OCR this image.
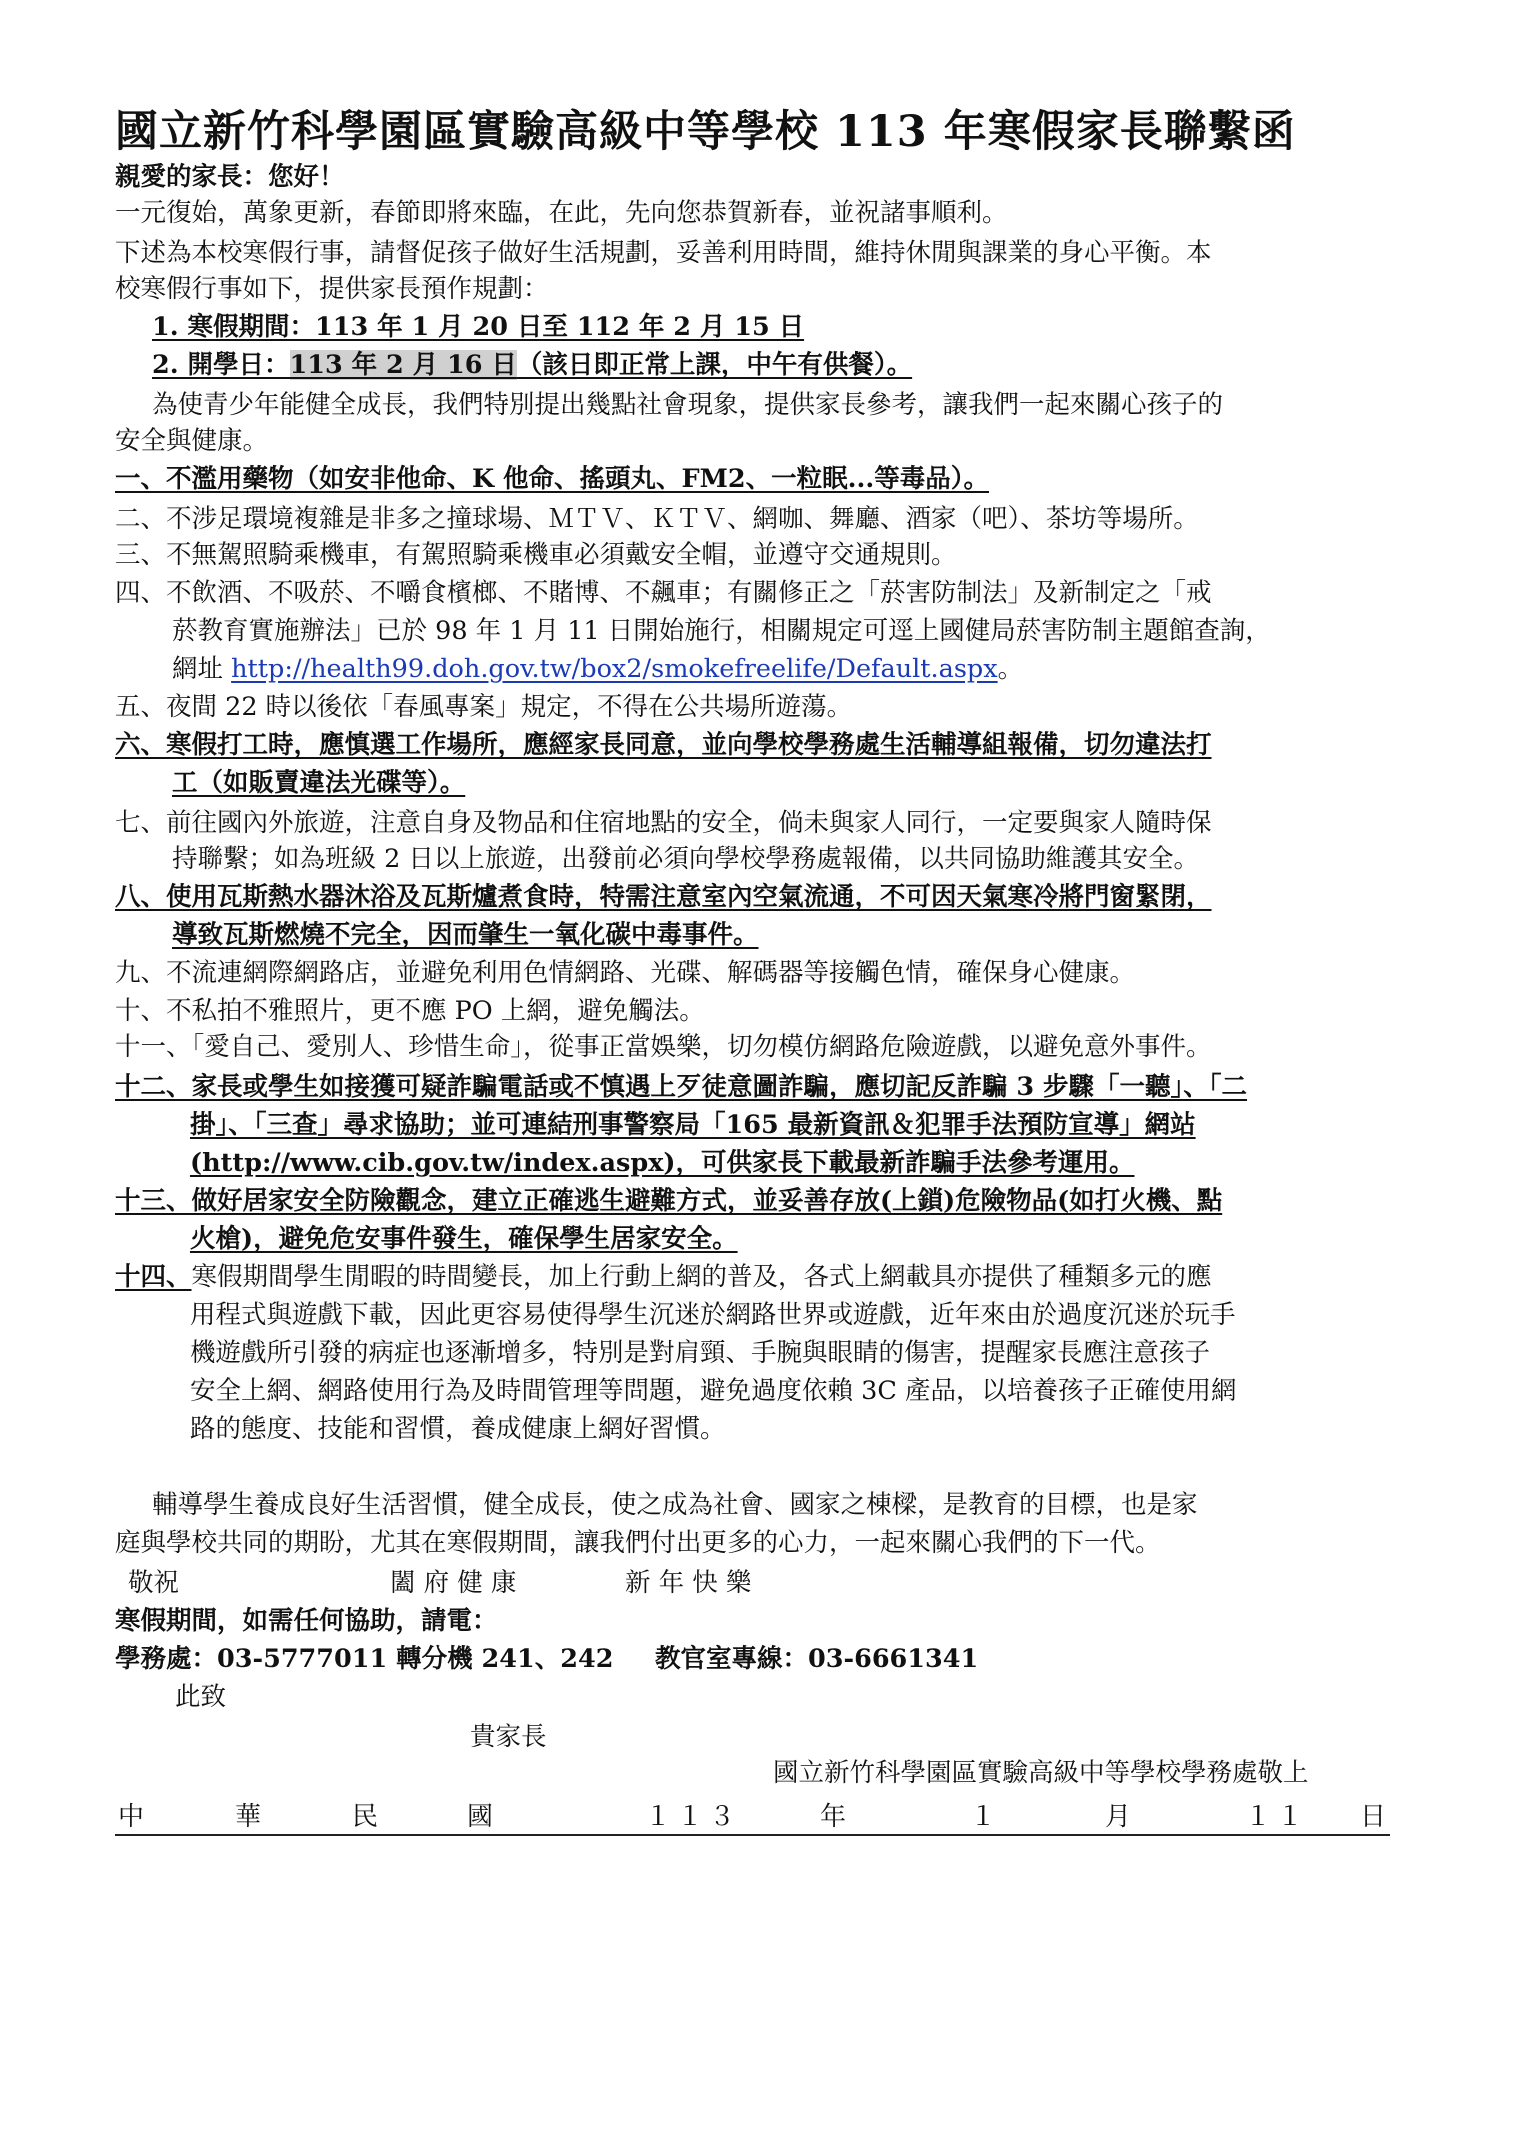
國立新竹科學園區實驗高級中等學校 113 年寒假家長聯繫函
親愛的家長：您好！
一元復始，萬象更新，春節即將來臨，在此，先向您恭賀新春，並祝諸事順利。
下述為本校寒假行事，請督促孩子做好生活規劃，妥善利用時間，維持休閒與課業的身心平衡。本
校寒假行事如下，提供家長預作規劃：
1. 寒假期間：113 年 1 月 20 日至 112 年 2 月 15 日
2. 開學日：113 年 2 月 16 日（該日即正常上課，中午有供餐）。
為使青少年能健全成長，我們特別提出幾點社會現象，提供家長參考，讓我們一起來關心孩子的
安全與健康。
一、不濫用藥物（如安非他命、K 他命、搖頭丸、FM2、一粒眠...等毒品）。
二、不涉足環境複雜是非多之撞球場、ＭＴＶ、ＫＴＶ、網咖、舞廳、酒家（吧）、茶坊等場所。
三、不無駕照騎乘機車，有駕照騎乘機車必須戴安全帽，並遵守交通規則。
四、不飲酒、不吸菸、不嚼食檳榔、不賭博、不飆車；有關修正之「菸害防制法」及新制定之「戒
菸教育實施辦法」已於 98 年 1 月 11 日開始施行，相關規定可逕上國健局菸害防制主題館查詢，
網址 http://health99.doh.gov.tw/box2/smokefreelife/Default.aspx。
五、夜間 22 時以後依「春風專案」規定，不得在公共場所遊蕩。
六、寒假打工時，應慎選工作場所，應經家長同意，並向學校學務處生活輔導組報備，切勿違法打
工（如販賣違法光碟等）。
七、前往國內外旅遊，注意自身及物品和住宿地點的安全，倘未與家人同行，一定要與家人隨時保
持聯繫；如為班級 2 日以上旅遊，出發前必須向學校學務處報備，以共同協助維護其安全。
八、使用瓦斯熱水器沐浴及瓦斯爐煮食時，特需注意室內空氣流通，不可因天氣寒冷將門窗緊閉，
導致瓦斯燃燒不完全，因而肇生一氧化碳中毒事件。
九、不流連網際網路店，並避免利用色情網路、光碟、解碼器等接觸色情，確保身心健康。
十、不私拍不雅照片，更不應 PO 上網，避免觸法。
十一、「愛自己、愛別人、珍惜生命」，從事正當娛樂，切勿模仿網路危險遊戲，以避免意外事件。
十二、家長或學生如接獲可疑詐騙電話或不慎遇上歹徒意圖詐騙，應切記反詐騙 3 步驟「一聽」、「二
掛」、「三查」尋求協助；並可連結刑事警察局「165 最新資訊＆犯罪手法預防宣導」網站
(http://www.cib.gov.tw/index.aspx)，可供家長下載最新詐騙手法參考運用。
十三、做好居家安全防險觀念，建立正確逃生避難方式，並妥善存放(上鎖)危險物品(如打火機、點
火槍)，避免危安事件發生，確保學生居家安全。
十四、寒假期間學生閒暇的時間變長，加上行動上網的普及，各式上網載具亦提供了種類多元的應
用程式與遊戲下載，因此更容易使得學生沉迷於網路世界或遊戲，近年來由於過度沉迷於玩手
機遊戲所引發的病症也逐漸增多，特別是對肩頸、手腕與眼睛的傷害，提醒家長應注意孩子
安全上網、網路使用行為及時間管理等問題，避免過度依賴 3C 產品，以培養孩子正確使用網
路的態度、技能和習慣，養成健康上網好習慣。
輔導學生養成良好生活習慣，健全成長，使之成為社會、國家之棟樑，是教育的目標，也是家
庭與學校共同的期盼，尤其在寒假期間，讓我們付出更多的心力，一起來關心我們的下一代。
敬祝	闔 府 健 康	新 年 快 樂
寒假期間，如需任何協助，請電：
學務處：03-5777011 轉分機 241、242 教官室專線：03-6661341
此致
貴家長
國立新竹科學園區實驗高級中等學校學務處敬上
中	華	民	國	１１３	年	１	月	１１ 日
